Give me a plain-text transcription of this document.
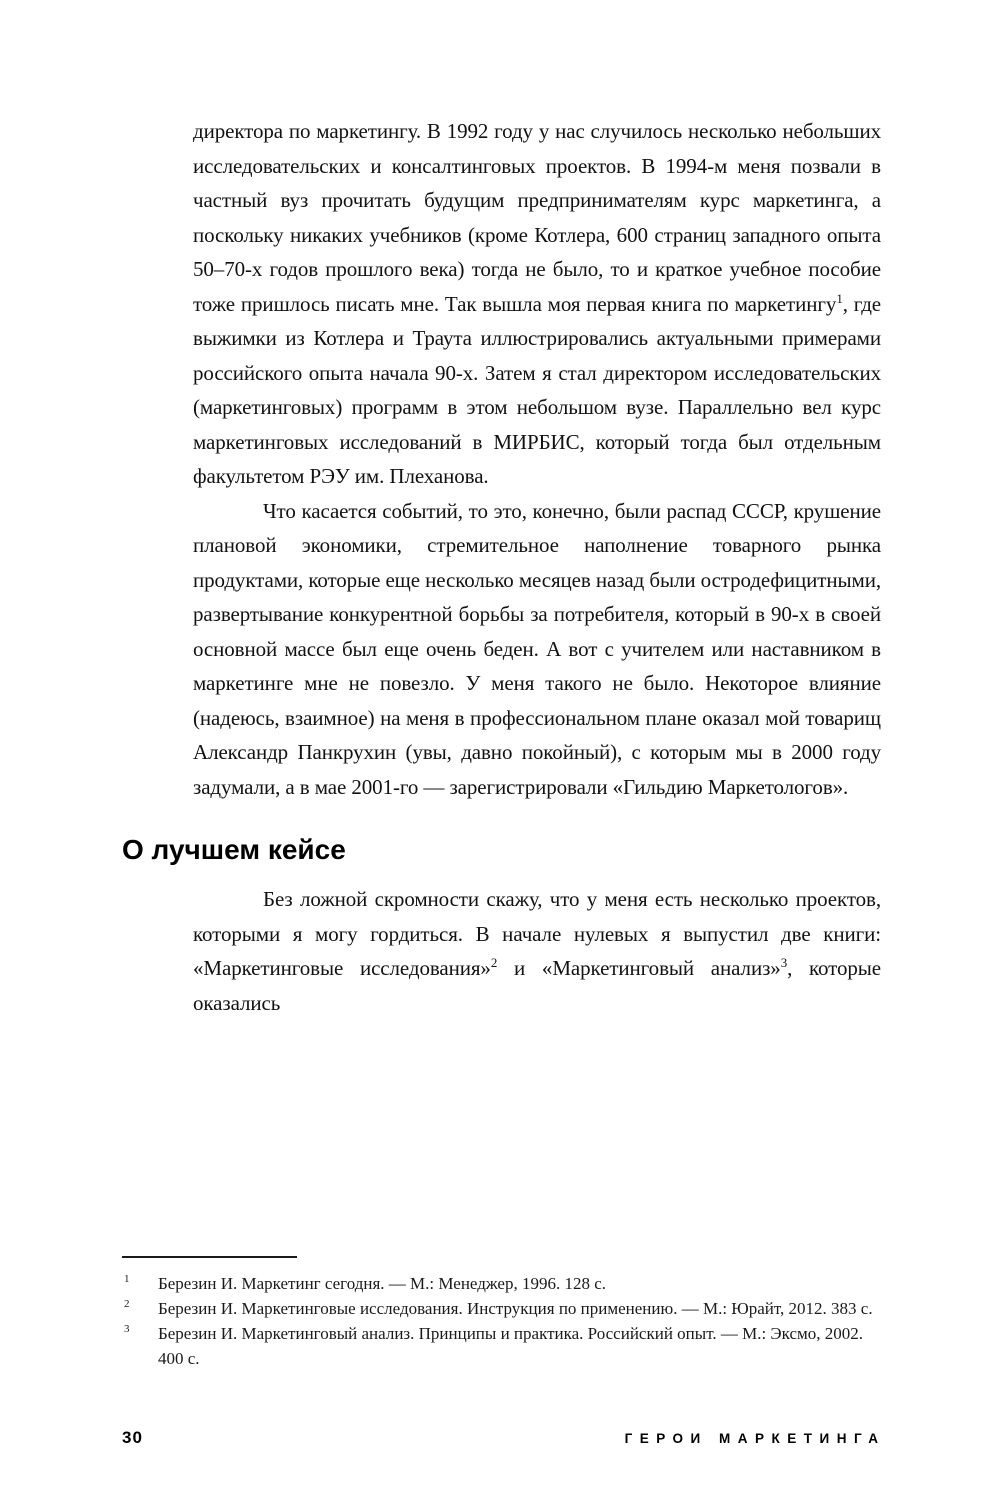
директора по маркетингу. В 1992 году у нас случилось несколько небольших исследовательских и консалтинговых проектов. В 1994-м меня позвали в частный вуз прочитать будущим предпринимателям курс маркетинга, а поскольку никаких учебников (кроме Котлера, 600 страниц западного опыта 50–70-х годов прошлого века) тогда не было, то и краткое учебное пособие тоже пришлось писать мне. Так вышла моя первая книга по маркетингу$^1$, где выжимки из Котлера и Траута иллюстрировались актуальными примерами российского опыта начала 90-х. Затем я стал директором исследовательских (маркетинговых) программ в этом небольшом вузе. Параллельно вел курс маркетинговых исследований в МИРБИС, который тогда был отдельным факультетом РЭУ им. Плеханова.

Что касается событий, то это, конечно, были распад СССР, крушение плановой экономики, стремительное наполнение товарного рынка продуктами, которые еще несколько месяцев назад были остродефицитными, развертывание конкурентной борьбы за потребителя, который в 90-х в своей основной массе был еще очень беден. А вот с учителем или наставником в маркетинге мне не повезло. У меня такого не было. Некоторое влияние (надеюсь, взаимное) на меня в профессиональном плане оказал мой товарищ Александр Панкрухин (увы, давно покойный), с которым мы в 2000 году задумали, а в мае 2001-го — зарегистрировали «Гильдию Маркетологов».

О лучшем кейсе

Без ложной скромности скажу, что у меня есть несколько проектов, которыми я могу гордиться. В начале нулевых я выпустил две книги: «Маркетинговые исследования»$^2$ и «Маркетинговый анализ»$^3$, которые оказались

1 Березин И. Маркетинг сегодня. — М.: Менеджер, 1996. 128 с.
2 Березин И. Маркетинговые исследования. Инструкция по применению. — М.: Юрайт, 2012. 383 с.
3 Березин И. Маркетинговый анализ. Принципы и практика. Российский опыт. — М.: Эксмо, 2002. 400 с.
30	ГЕРОИ МАРКЕТИНГА
